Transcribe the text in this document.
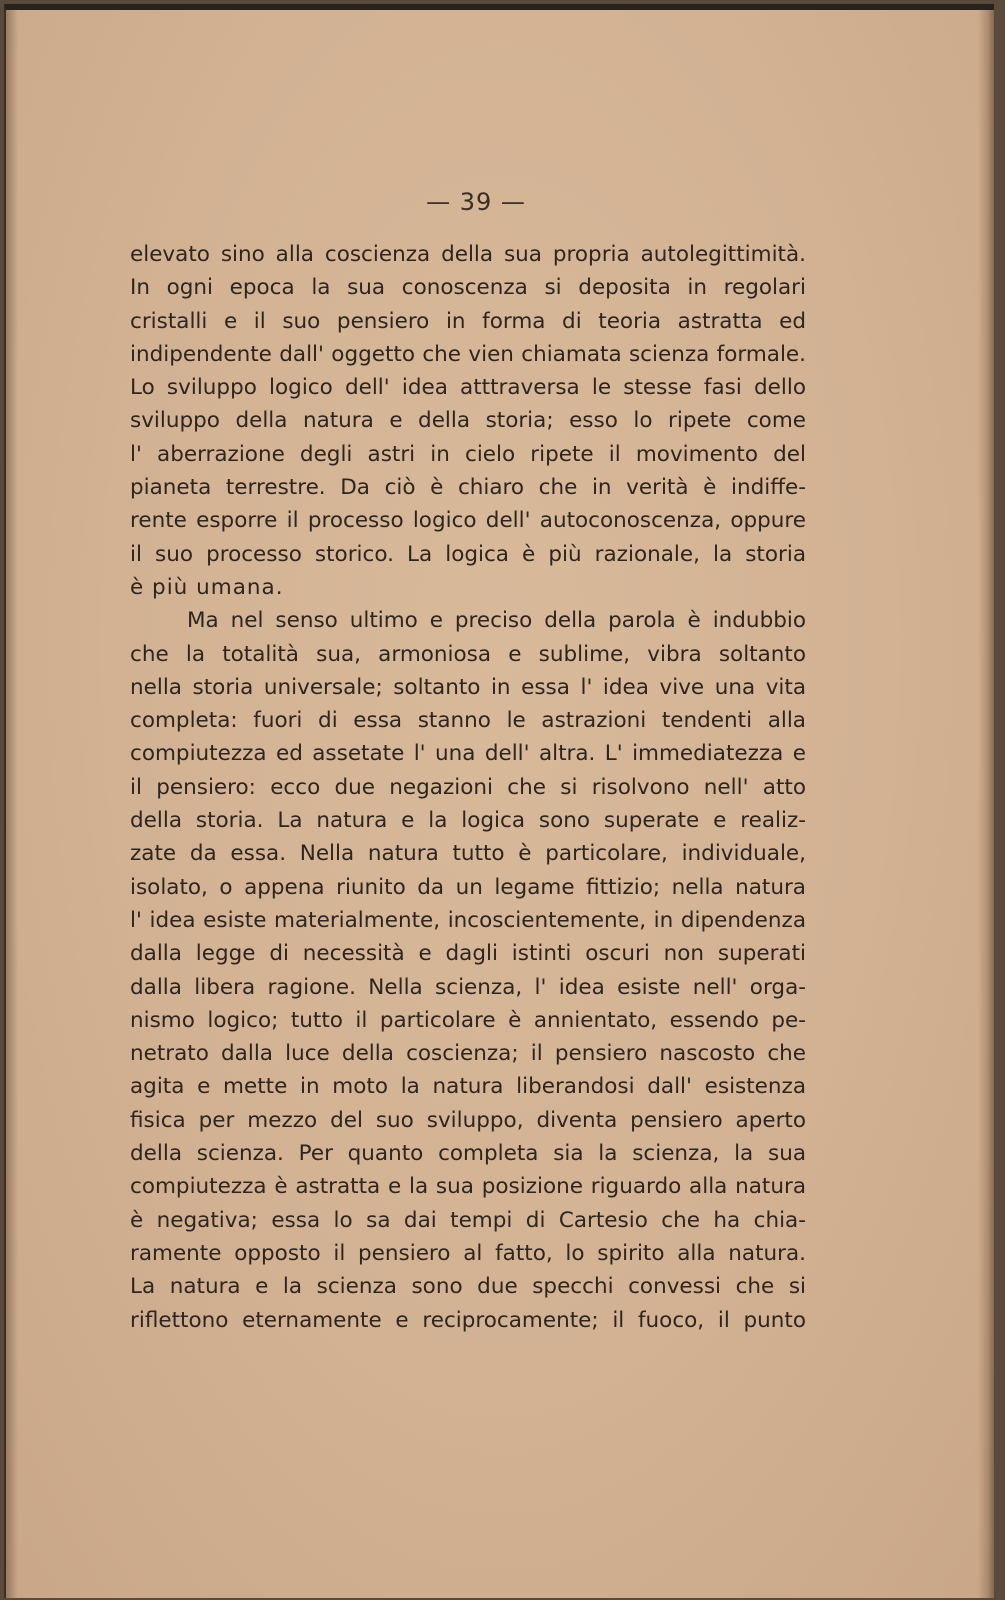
— 39 —
elevato sino alla coscienza della sua propria autolegittimità.
In ogni epoca la sua conoscenza si deposita in regolari
cristalli e il suo pensiero in forma di teoria astratta ed
indipendente dall' oggetto che vien chiamata scienza formale.
Lo sviluppo logico dell' idea atttraversa le stesse fasi dello
sviluppo della natura e della storia; esso lo ripete come
l' aberrazione degli astri in cielo ripete il movimento del
pianeta terrestre. Da ciò è chiaro che in verità è indiffe-
rente esporre il processo logico dell' autoconoscenza, oppure
il suo processo storico. La logica è più razionale, la storia
è più umana.
Ma nel senso ultimo e preciso della parola è indubbio
che la totalità sua, armoniosa e sublime, vibra soltanto
nella storia universale; soltanto in essa l' idea vive una vita
completa: fuori di essa stanno le astrazioni tendenti alla
compiutezza ed assetate l' una dell' altra. L' immediatezza e
il pensiero: ecco due negazioni che si risolvono nell' atto
della storia. La natura e la logica sono superate e realiz-
zate da essa. Nella natura tutto è particolare, individuale,
isolato, o appena riunito da un legame fittizio; nella natura
l' idea esiste materialmente, incoscientemente, in dipendenza
dalla legge di necessità e dagli istinti oscuri non superati
dalla libera ragione. Nella scienza, l' idea esiste nell' orga-
nismo logico; tutto il particolare è annientato, essendo pe-
netrato dalla luce della coscienza; il pensiero nascosto che
agita e mette in moto la natura liberandosi dall' esistenza
fisica per mezzo del suo sviluppo, diventa pensiero aperto
della scienza. Per quanto completa sia la scienza, la sua
compiutezza è astratta e la sua posizione riguardo alla natura
è negativa; essa lo sa dai tempi di Cartesio che ha chia-
ramente opposto il pensiero al fatto, lo spirito alla natura.
La natura e la scienza sono due specchi convessi che si
riflettono eternamente e reciprocamente; il fuoco, il punto
